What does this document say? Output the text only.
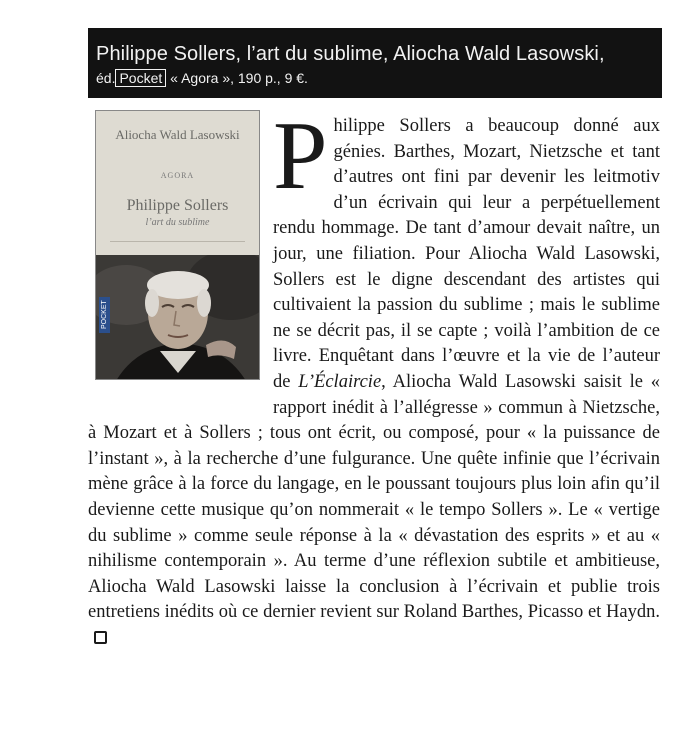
Philippe Sollers, l’art du sublime, Aliocha Wald Lasowski,
éd. Pocket « Agora », 190 p., 9 €.
Aliocha Wald Lasowski
AGORA
Philippe Sollers
l’art du sublime
POCKET
Philippe Sollers a beaucoup donné aux génies. Barthes, Mozart, Nietzsche et tant d’autres ont fini par devenir les leitmotiv d’un écrivain qui leur a perpétuellement rendu hommage. De tant d’amour devait naître, un jour, une filiation. Pour Aliocha Wald Lasowski, Sollers est le digne descendant des artistes qui cultivaient la passion du sublime ; mais le sublime ne se décrit pas, il se capte ; voilà l’ambition de ce livre. Enquêtant dans l’œuvre et la vie de l’auteur de L’Éclaircie, Aliocha Wald Lasowski saisit le « rapport inédit à l’allégresse » commun à Nietzsche, à Mozart et à Sollers ; tous ont écrit, ou composé, pour « la puissance de l’instant », à la recherche d’une fulgurance. Une quête infinie que l’écrivain mène grâce à la force du langage, en le poussant toujours plus loin afin qu’il devienne cette musique qu’on nommerait « le tempo Sollers ». Le « vertige du sublime » comme seule réponse à la « dévastation des esprits » et au « nihilisme contemporain ». Au terme d’une réflexion subtile et ambitieuse, Aliocha Wald Lasowski laisse la conclusion à l’écrivain et publie trois entretiens inédits où ce dernier revient sur Roland Barthes, Picasso et Haydn.
